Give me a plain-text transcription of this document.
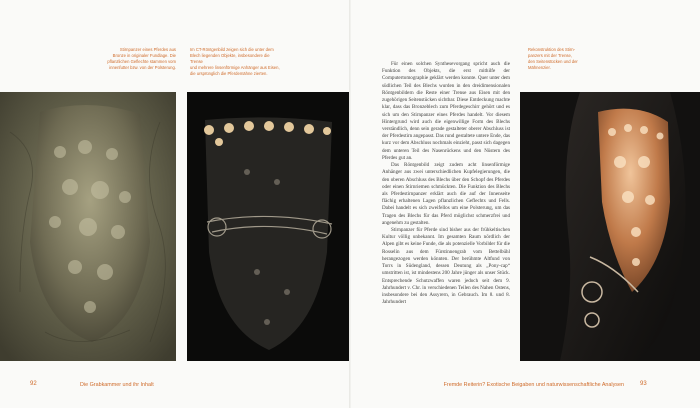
Stirnpanzer eines Pferdes aus
Bronze in originaler Fundlage. Die
pflanzlichen Geflechte stammen vom
innenfutter bzw. von der Polsterung.
Im CT-Röntgenbild zeigen sich die unter dem
Blech liegenden Objekte, insbesondere die Trense
und mehrere linsenförmige Anhänger aus Eisen,
die ursprünglich die Pferdemähne zierten.
Rekonstruktion des Stirn-
panzers mit der Trense,
den Seitenstücken und der
Mähnenzier.

Für einen solchen Synthesevorgang spricht auch die Funktion des Objekts, die erst mithilfe der Computertomographie geklärt werden konnte. Quer unter dem südlichen Teil des Blechs wurden in den dreidimensionalen Röntgenbildern die Reste einer Trense aus Eisen mit den zugehörigen Seitenstücken sichtbar. Diese Entdeckung machte klar, dass das Bronzeblech zum Pferdegeschirr gehört und es sich um den Stirnpanzer eines Pferdes handelt. Vor diesem Hintergrund wird auch die eigenwillige Form des Blechs verständlich, denn sein gerade gestalteter oberer Abschluss ist der Pferdestirn angepasst. Das rund gestaltete untere Ende, das kurz vor dem Abschluss nochmals einzieht, passt sich dagegen dem unteren Teil des Nasenrückens und den Nüstern des Pferdes gut an.

Das Röntgenbild zeigt zudem acht linsenförmige Anhänger aus zwei unterschiedlichen Kupfelegierungen, die den oberen Abschluss des Blechs über den Schopf des Pferdes oder einen Stirnriemen schmückten. Die Funktion des Blechs als Pferdestirnpanzer erklärt auch die auf der Innenseite flächig erhaltenen Lagen pflanzlichen Geflechts und Fells. Dabei handelt es sich zweifellos um eine Polsterung, um das Tragen des Blechs für das Pferd möglichst schmerzfrei und angenehm zu gestalten.

Stirnpanzer für Pferde sind bisher aus der frühkeltischen Kultur völlig unbekannt. Im gesamten Raum nördlich der Alpen gibt es keine Funde, die als potenzielle Vorbilder für die Rosselin aus dem Fürstinnengrab vom Bettelbühl herangezogen werden könnten. Der berühmte Altfund von Torrs in Südengland, dessen Deutung als „Pony-cap“ umstritten ist, ist mindestens 200 Jahre jünger als unser Stück. Entsprechende Schutzwaffen waren jedoch seit dem 9. Jahrhundert v. Chr. in verschiedenen Teilen des Nahen Ostens, insbesondere bei den Assyrern, in Gebrauch. Im 8. und 8. Jahrhundert

92	Die Grabkammer und ihr Inhalt	Fremde Reiterin? Exotische Beigaben und naturwissenschaftliche Analysen	93
